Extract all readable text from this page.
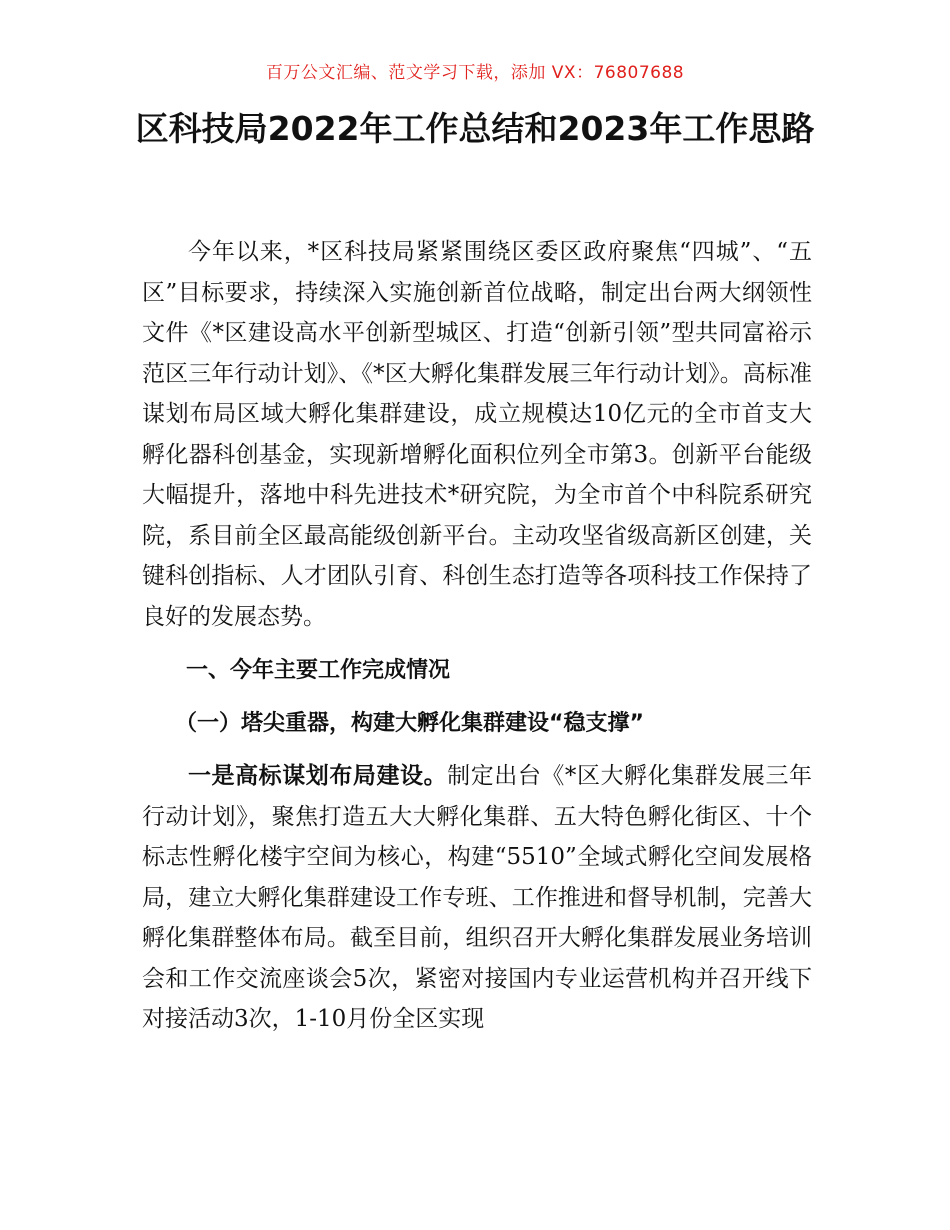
百万公文汇编、范文学习下载，添加 VX：76807688
区科技局2022年工作总结和2023年工作思路

今年以来，*区科技局紧紧围绕区委区政府聚焦“四城”、“五区”目标要求，持续深入实施创新首位战略，制定出台两大纲领性文件《*区建设高水平创新型城区、打造“创新引领”型共同富裕示范区三年行动计划》、《*区大孵化集群发展三年行动计划》。高标准谋划布局区域大孵化集群建设，成立规模达10亿元的全市首支大孵化器科创基金，实现新增孵化面积位列全市第3。创新平台能级大幅提升，落地中科先进技术*研究院，为全市首个中科院系研究院，系目前全区最高能级创新平台。主动攻坚省级高新区创建，关键科创指标、人才团队引育、科创生态打造等各项科技工作保持了良好的发展态势。

一、今年主要工作完成情况

（一）塔尖重器，构建大孵化集群建设“稳支撑”

一是高标谋划布局建设。制定出台《*区大孵化集群发展三年行动计划》，聚焦打造五大大孵化集群、五大特色孵化街区、十个标志性孵化楼宇空间为核心，构建“5510”全域式孵化空间发展格局，建立大孵化集群建设工作专班、工作推进和督导机制，完善大孵化集群整体布局。截至目前，组织召开大孵化集群发展业务培训会和工作交流座谈会5次，紧密对接国内专业运营机构并召开线下对接活动3次，1-10月份全区实现
